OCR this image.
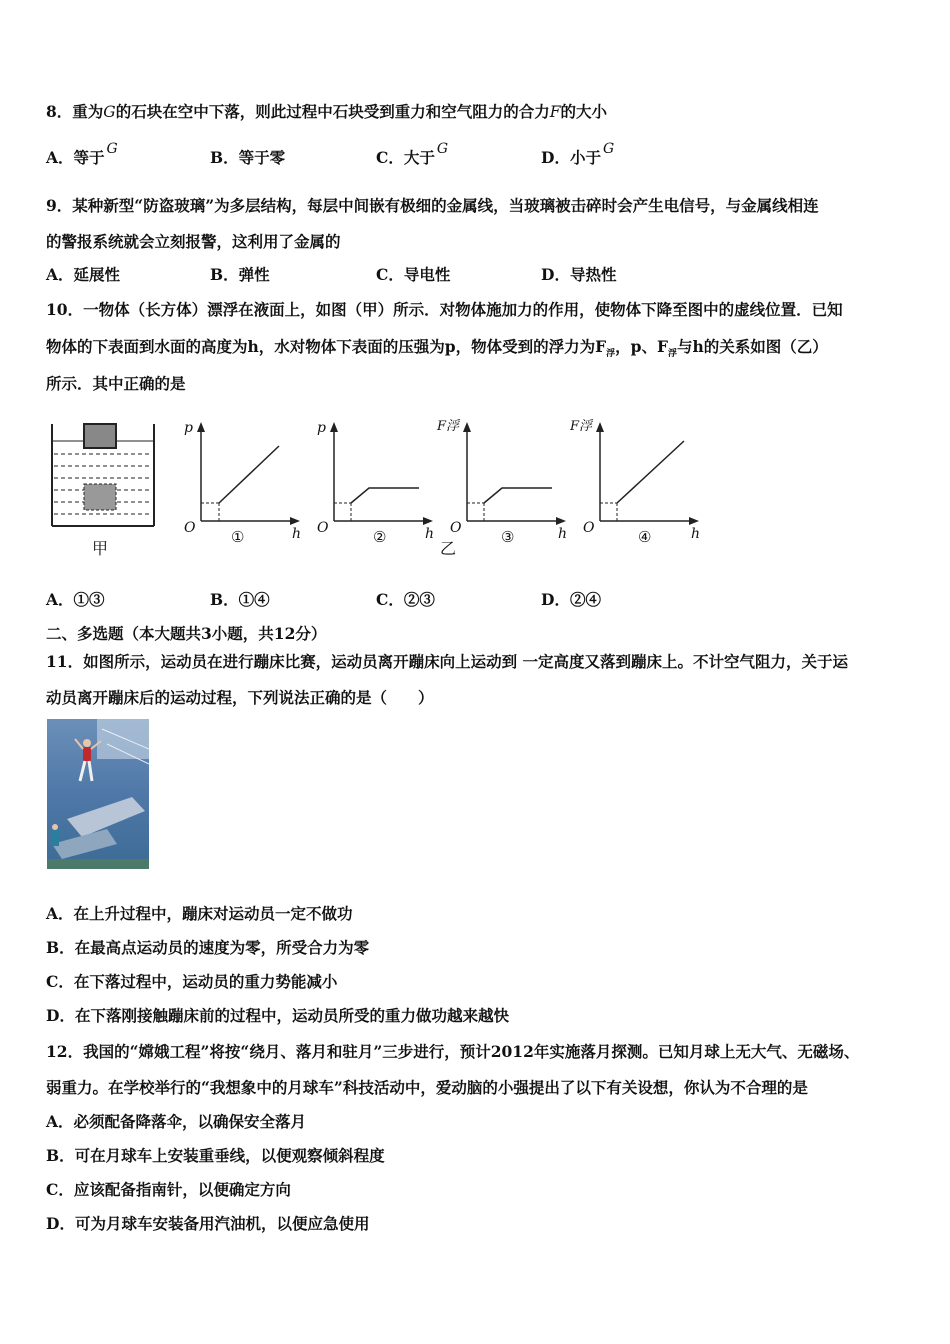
8．重为G的石块在空中下落，则此过程中石块受到重力和空气阻力的合力F的大小
A．等于 G	B．等于零	C．大于 G	D．小于 G
9．某种新型“防盗玻璃”为多层结构，每层中间嵌有极细的金属线，当玻璃被击碎时会产生电信号，与金属线相连
的警报系统就会立刻报警，这利用了金属的
A．延展性	B．弹性	C．导电性	D．导热性
10．一物体（长方体）漂浮在液面上，如图（甲）所示．对物体施加力的作用，使物体下降至图中的虚线位置．已知
物体的下表面到水面的高度为h，水对物体下表面的压强为p，物体受到的浮力为$F_浮$，p、$F_浮$与h的关系如图（乙）
所示．其中正确的是
甲
p
O	h
①
p
O	h
②
F浮
O	h
③
乙
F浮
O	h
④
A．①③	B．①④	C．②③	D．②④
二、多选题（本大题共3小题，共12分）
11．如图所示，运动员在进行蹦床比赛，运动员离开蹦床向上运动到 一定高度又落到蹦床上。不计空气阻力，关于运
动员离开蹦床后的运动过程，下列说法正确的是（　　）
A．在上升过程中，蹦床对运动员一定不做功
B．在最高点运动员的速度为零，所受合力为零
C．在下落过程中，运动员的重力势能减小
D．在下落刚接触蹦床前的过程中，运动员所受的重力做功越来越快
12．我国的“嫦娥工程”将按“绕月、落月和驻月”三步进行，预计2012年实施落月探测。已知月球上无大气、无磁场、
弱重力。在学校举行的“我想象中的月球车”科技活动中，爱动脑的小强提出了以下有关设想，你认为不合理的是
A．必须配备降落伞，以确保安全落月
B．可在月球车上安装重垂线，以便观察倾斜程度
C．应该配备指南针，以便确定方向
D．可为月球车安装备用汽油机，以便应急使用
